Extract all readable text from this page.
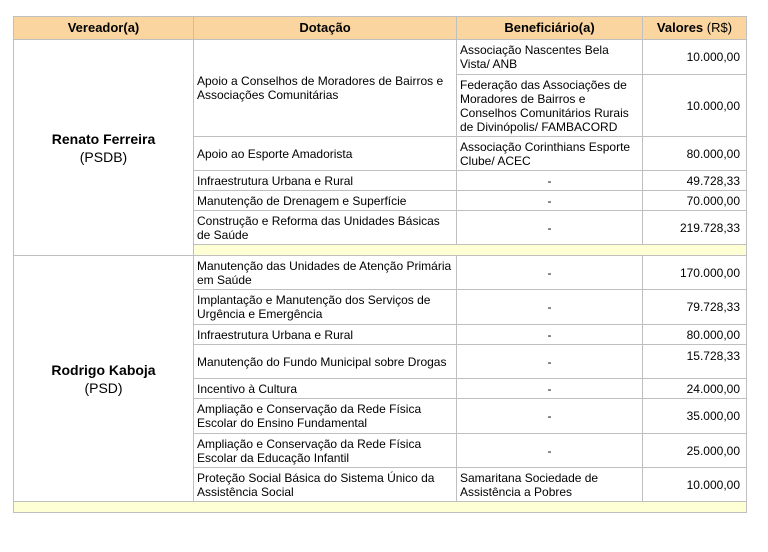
Vereador(a)	Dotação	Beneficiário(a)	Valores (R$)

Renato Ferreira
(PSDB)	Apoio a Conselhos de Moradores de Bairros e Associações Comunitárias	Associação Nascentes Bela Vista/ ANB	10.000,00
		Federação das Associações de Moradores de Bairros e Conselhos Comunitários Rurais de Divinópolis/ FAMBACORD	10.000,00
	Apoio ao Esporte Amadorista	Associação Corinthians Esporte Clube/ ACEC	80.000,00
	Infraestrutura Urbana e Rural	-	49.728,33
	Manutenção de Drenagem e Superfície	-	70.000,00
	Construção e Reforma das Unidades Básicas de Saúde	-	219.728,33

Rodrigo Kaboja
(PSD)	Manutenção das Unidades de Atenção Primária em Saúde	-	170.000,00
	Implantação e Manutenção dos Serviços de Urgência e Emergência	-	79.728,33
	Infraestrutura Urbana e Rural	-	80.000,00
	Manutenção do Fundo Municipal sobre Drogas	-	15.728,33
	Incentivo à Cultura	-	24.000,00
	Ampliação e Conservação da Rede Física Escolar do Ensino Fundamental	-	35.000,00
	Ampliação e Conservação da Rede Física Escolar da Educação Infantil	-	25.000,00
	Proteção Social Básica do Sistema Único da Assistência Social	Samaritana Sociedade de Assistência a Pobres	10.000,00
